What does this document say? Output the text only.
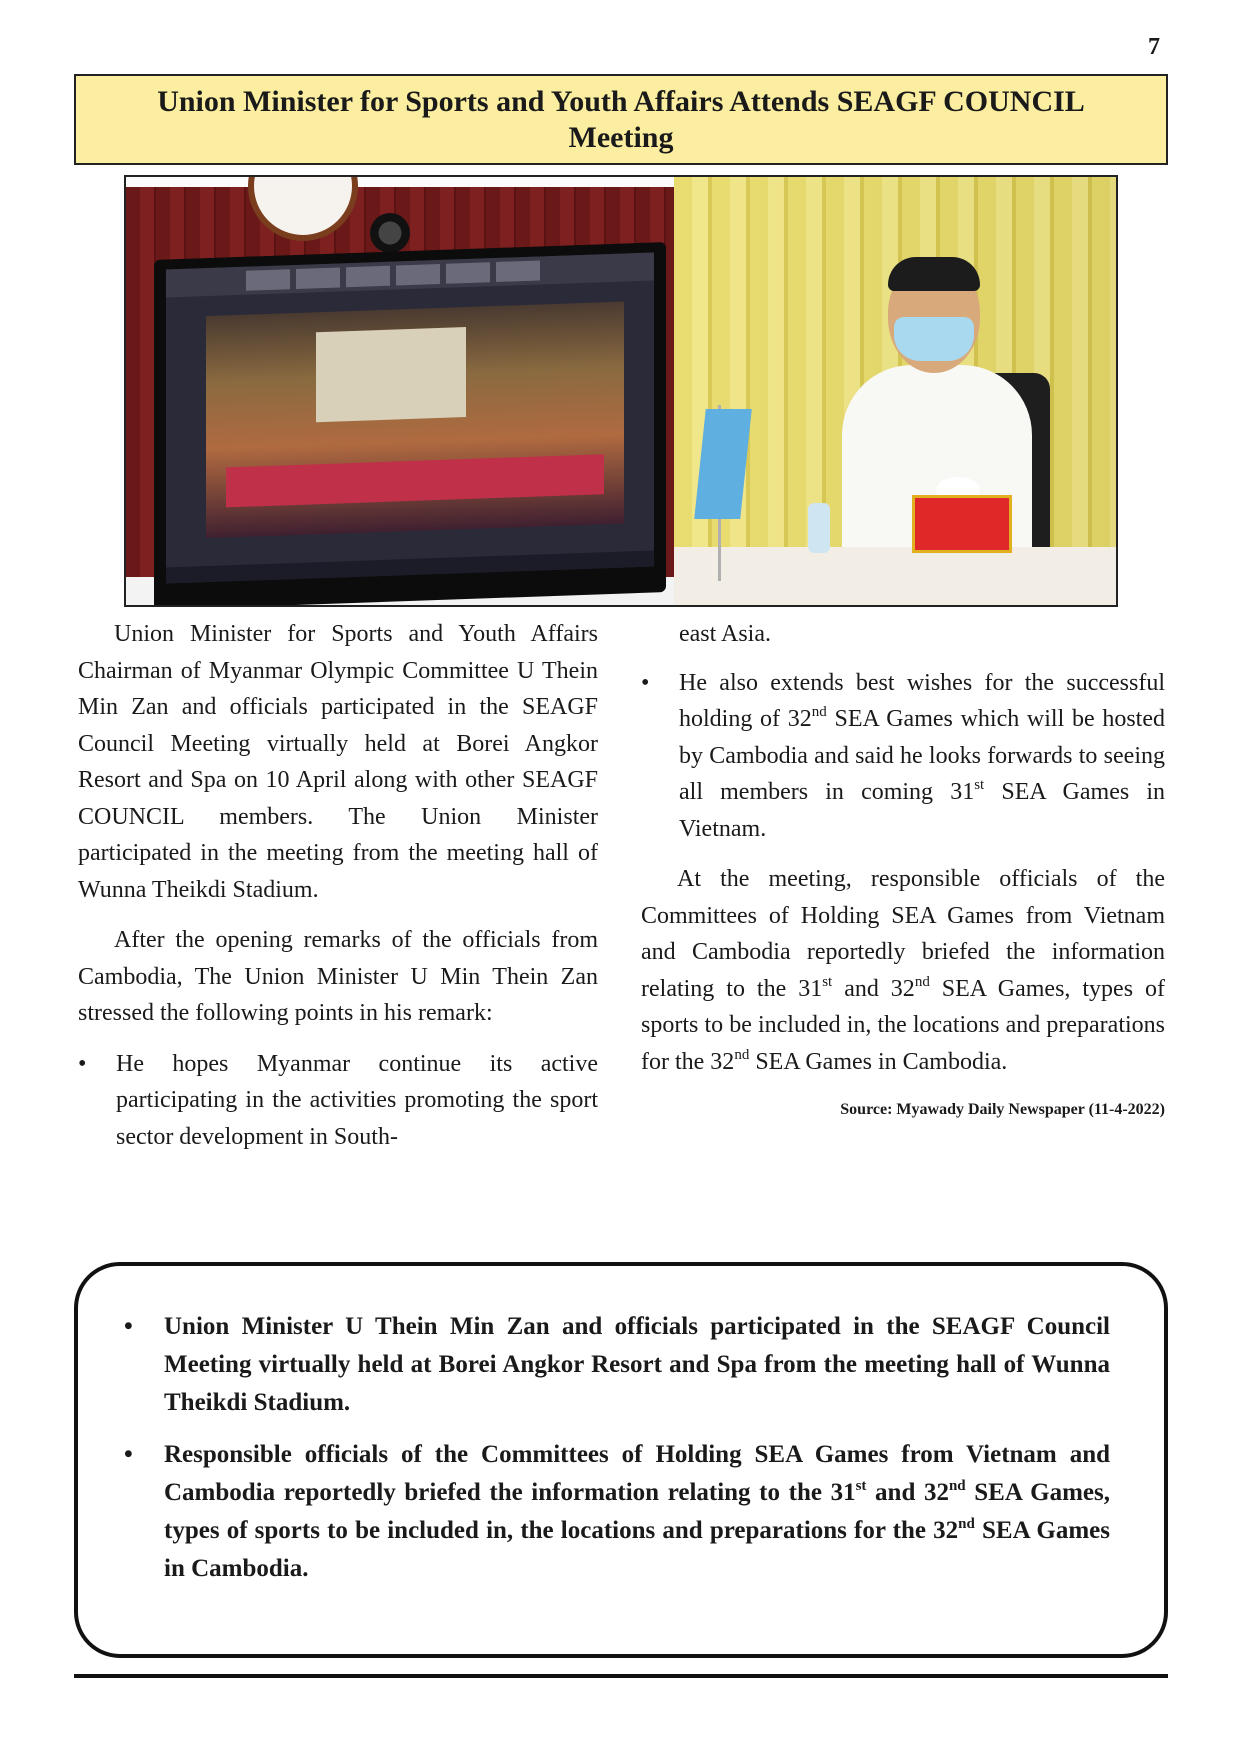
7
Union Minister for Sports and Youth Affairs Attends SEAGF COUNCIL Meeting

Union Minister for Sports and Youth Affairs Chairman of Myanmar Olympic Committee U Thein Min Zan and officials participated in the SEAGF Council Meeting virtually held at Borei Angkor Resort and Spa on 10 April along with other SEAGF COUNCIL members. The Union Minister participated in the meeting from the meeting hall of Wunna Theikdi Stadium.

After the opening remarks of the officials from Cambodia, The Union Minister U Min Thein Zan stressed the following points in his remark:

• He hopes Myanmar continue its active participating in the activities promoting the sport sector development in South-
east Asia.
• He also extends best wishes for the successful holding of 32nd SEA Games which will be hosted by Cambodia and said he looks forwards to seeing all members in coming 31st SEA Games in Vietnam.

At the meeting, responsible officials of the Committees of Holding SEA Games from Vietnam and Cambodia reportedly briefed the information relating to the 31st and 32nd SEA Games, types of sports to be included in, the locations and preparations for the 32nd SEA Games in Cambodia.

Source: Myawady Daily Newspaper (11-4-2022)
• Union Minister U Thein Min Zan and officials participated in the SEAGF Council Meeting virtually held at Borei Angkor Resort and Spa from the meeting hall of Wunna Theikdi Stadium.
• Responsible officials of the Committees of Holding SEA Games from Vietnam and Cambodia reportedly briefed the information relating to the 31st and 32nd SEA Games, types of sports to be included in, the locations and preparations for the 32nd SEA Games in Cambodia.
